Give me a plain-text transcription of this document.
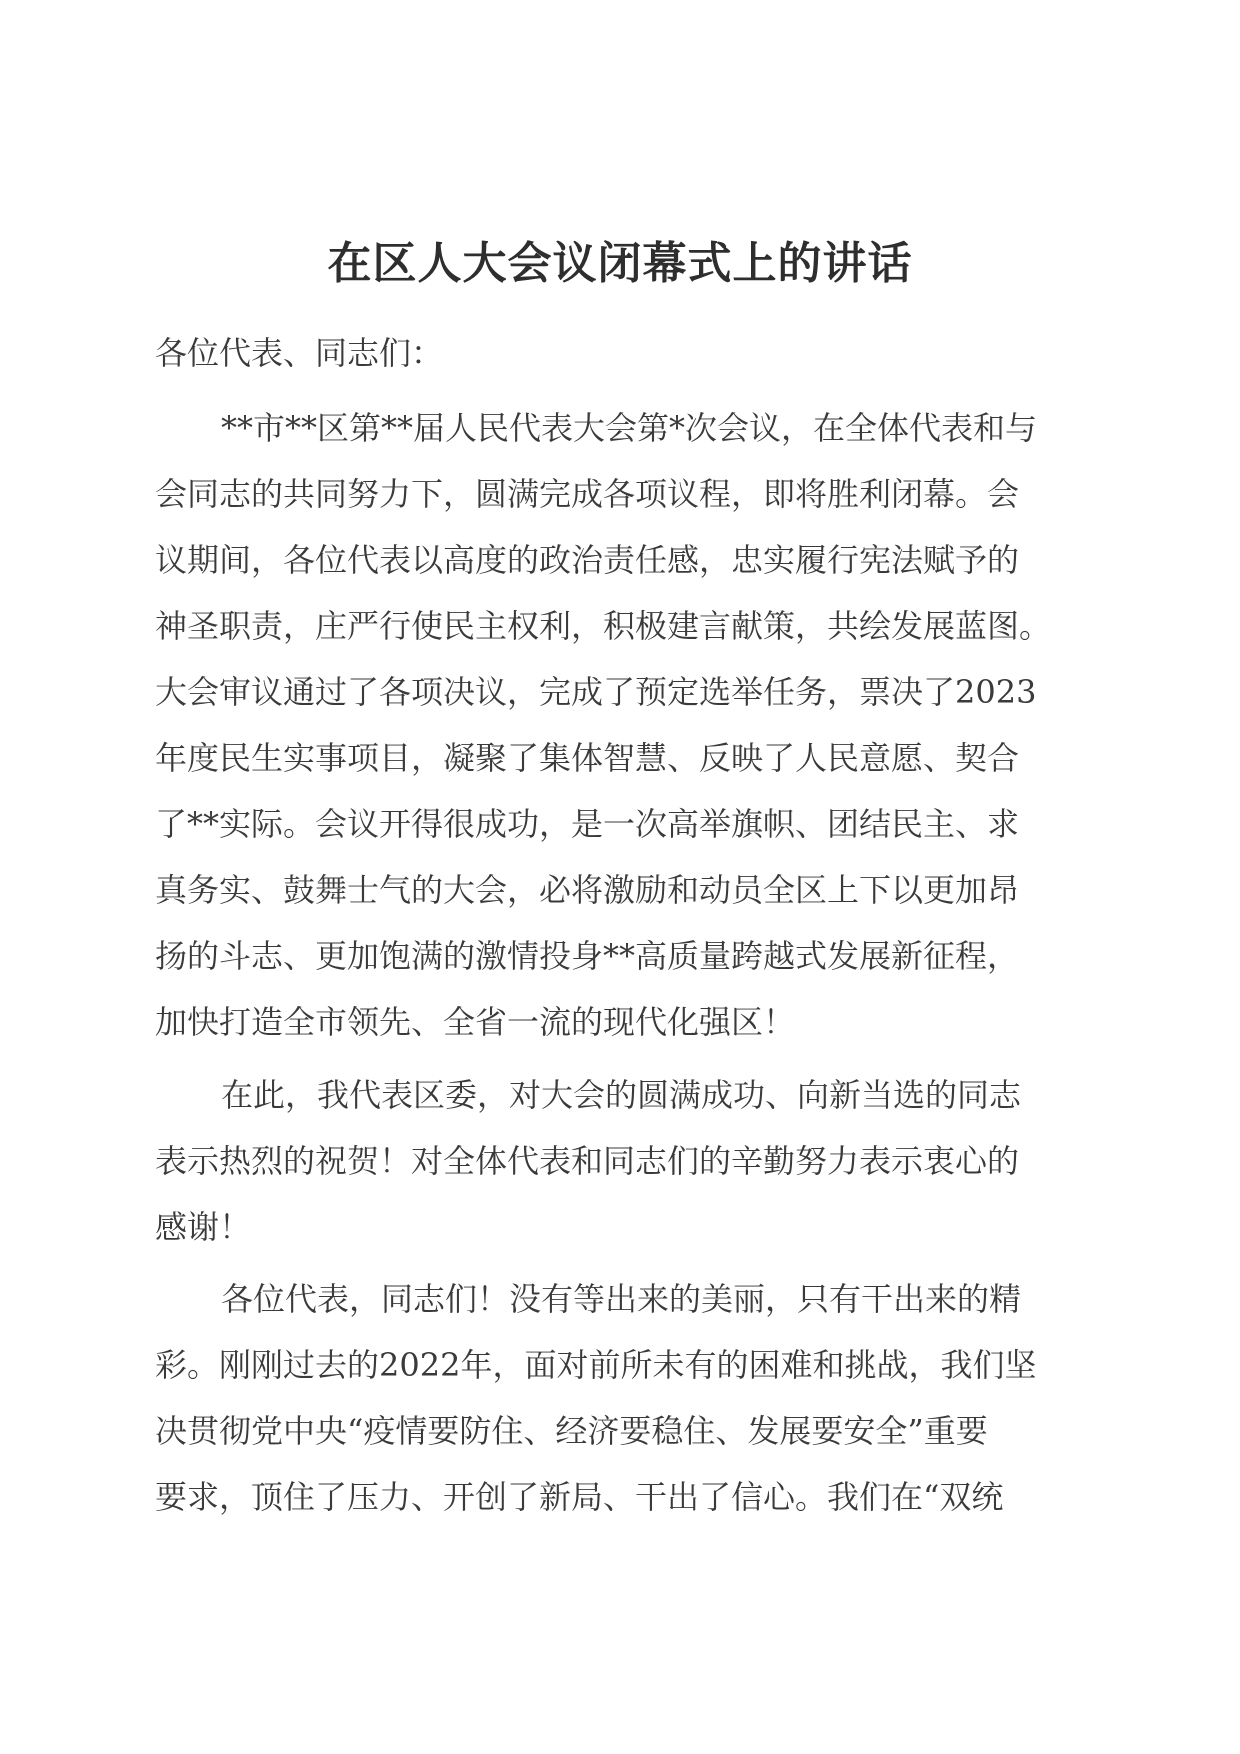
在区人大会议闭幕式上的讲话
各位代表、同志们：
**市**区第**届人民代表大会第*次会议，在全体代表和与
会同志的共同努力下，圆满完成各项议程，即将胜利闭幕。会
议期间，各位代表以高度的政治责任感，忠实履行宪法赋予的
神圣职责，庄严行使民主权利，积极建言献策，共绘发展蓝图。
大会审议通过了各项决议，完成了预定选举任务，票决了2023
年度民生实事项目，凝聚了集体智慧、反映了人民意愿、契合
了**实际。会议开得很成功，是一次高举旗帜、团结民主、求
真务实、鼓舞士气的大会，必将激励和动员全区上下以更加昂
扬的斗志、更加饱满的激情投身**高质量跨越式发展新征程，
加快打造全市领先、全省一流的现代化强区！
在此，我代表区委，对大会的圆满成功、向新当选的同志
表示热烈的祝贺！对全体代表和同志们的辛勤努力表示衷心的
感谢！
各位代表，同志们！没有等出来的美丽，只有干出来的精
彩。刚刚过去的2022年，面对前所未有的困难和挑战，我们坚
决贯彻党中央“疫情要防住、经济要稳住、发展要安全”重要
要求，顶住了压力、开创了新局、干出了信心。我们在“双统
